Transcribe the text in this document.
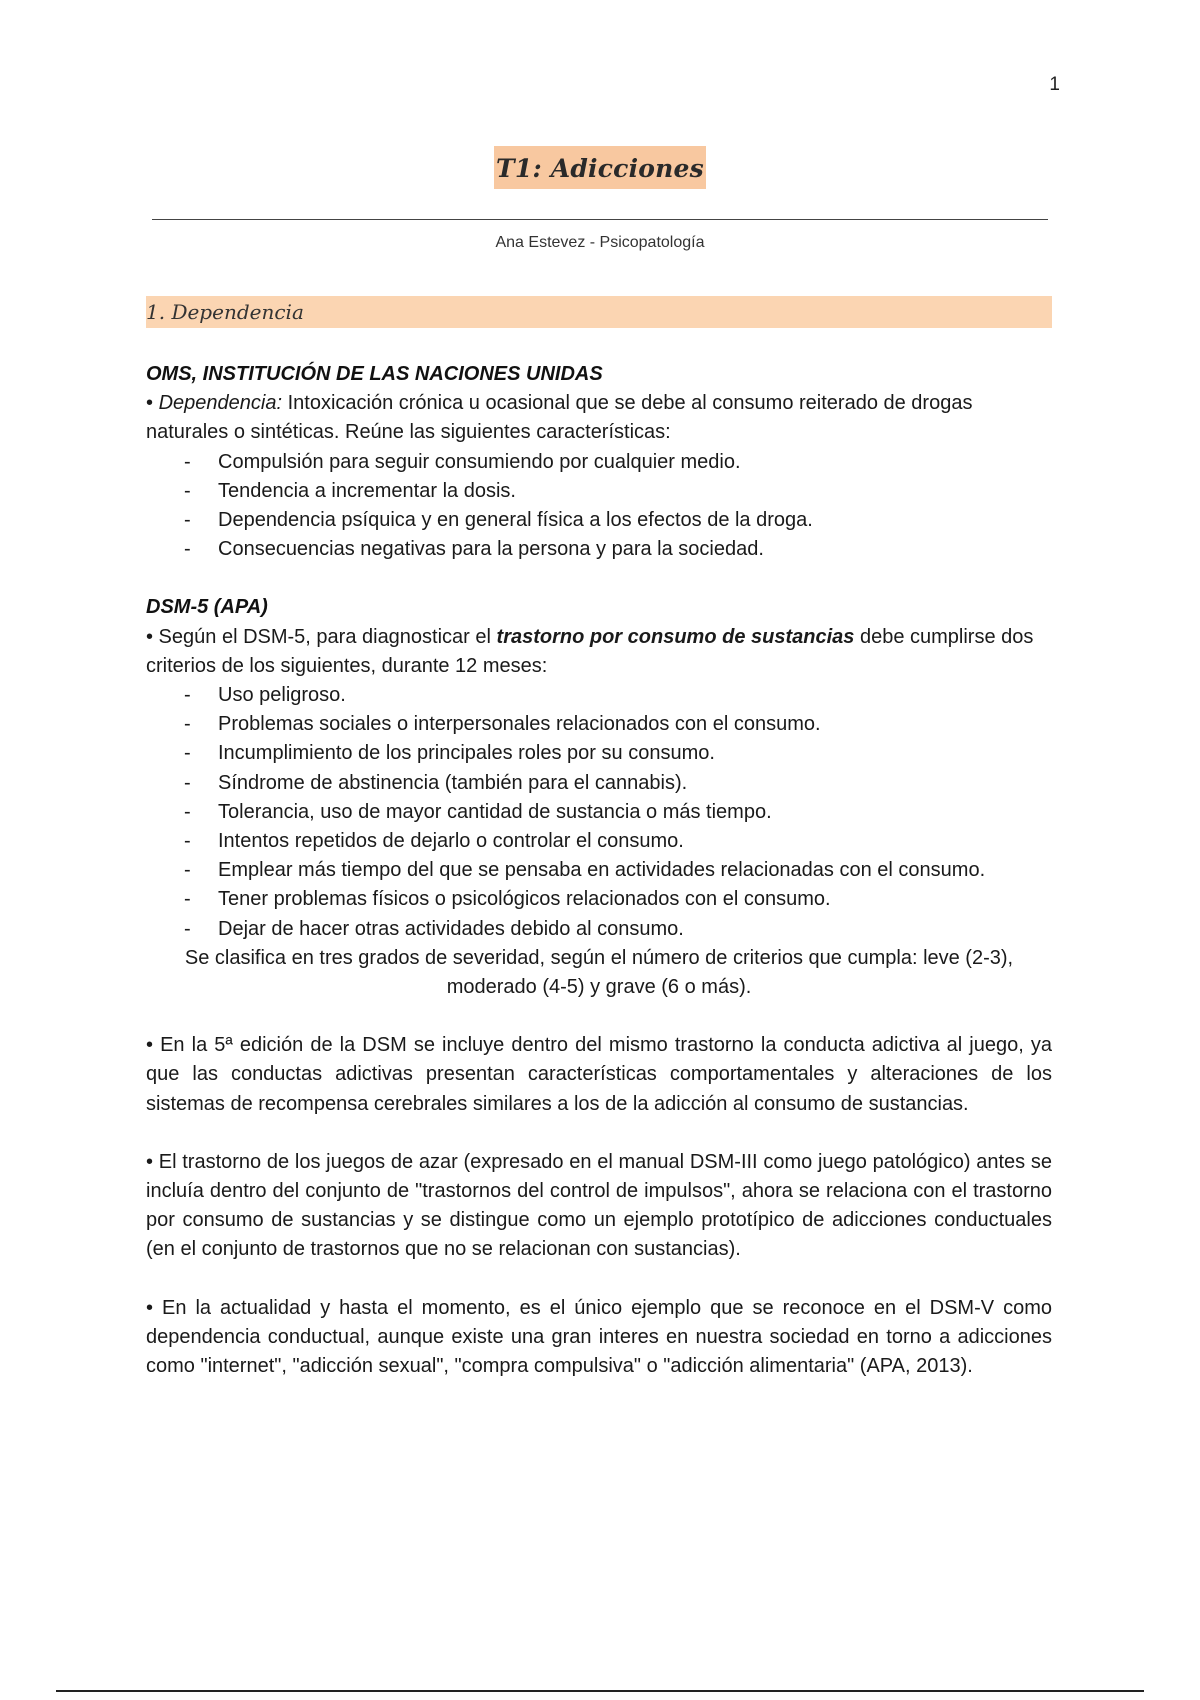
1
T1: Adicciones
Ana Estevez - Psicopatología
1. Dependencia

OMS, INSTITUCIÓN DE LAS NACIONES UNIDAS

• Dependencia: Intoxicación crónica u ocasional que se debe al consumo reiterado de drogas naturales o sintéticas. Reúne las siguientes características:

- Compulsión para seguir consumiendo por cualquier medio.
- Tendencia a incrementar la dosis.
- Dependencia psíquica y en general física a los efectos de la droga.
- Consecuencias negativas para la persona y para la sociedad.

DSM-5 (APA)

• Según el DSM-5, para diagnosticar el trastorno por consumo de sustancias debe cumplirse dos criterios de los siguientes, durante 12 meses:

- Uso peligroso.
- Problemas sociales o interpersonales relacionados con el consumo.
- Incumplimiento de los principales roles por su consumo.
- Síndrome de abstinencia (también para el cannabis).
- Tolerancia, uso de mayor cantidad de sustancia o más tiempo.
- Intentos repetidos de dejarlo o controlar el consumo.
- Emplear más tiempo del que se pensaba en actividades relacionadas con el consumo.
- Tener problemas físicos o psicológicos relacionados con el consumo.
- Dejar de hacer otras actividades debido al consumo.

Se clasifica en tres grados de severidad, según el número de criterios que cumpla: leve (2-3), moderado (4-5) y grave (6 o más).

• En la 5ª edición de la DSM se incluye dentro del mismo trastorno la conducta adictiva al juego, ya que las conductas adictivas presentan características comportamentales y alteraciones de los sistemas de recompensa cerebrales similares a los de la adicción al consumo de sustancias.

• El trastorno de los juegos de azar (expresado en el manual DSM-III como juego patológico) antes se incluía dentro del conjunto de "trastornos del control de impulsos", ahora se relaciona con el trastorno por consumo de sustancias y se distingue como un ejemplo prototípico de adicciones conductuales (en el conjunto de trastornos que no se relacionan con sustancias).

• En la actualidad y hasta el momento, es el único ejemplo que se reconoce en el DSM-V como dependencia conductual, aunque existe una gran interes en nuestra sociedad en torno a adicciones como "internet", "adicción sexual", "compra compulsiva" o "adicción alimentaria" (APA, 2013).
